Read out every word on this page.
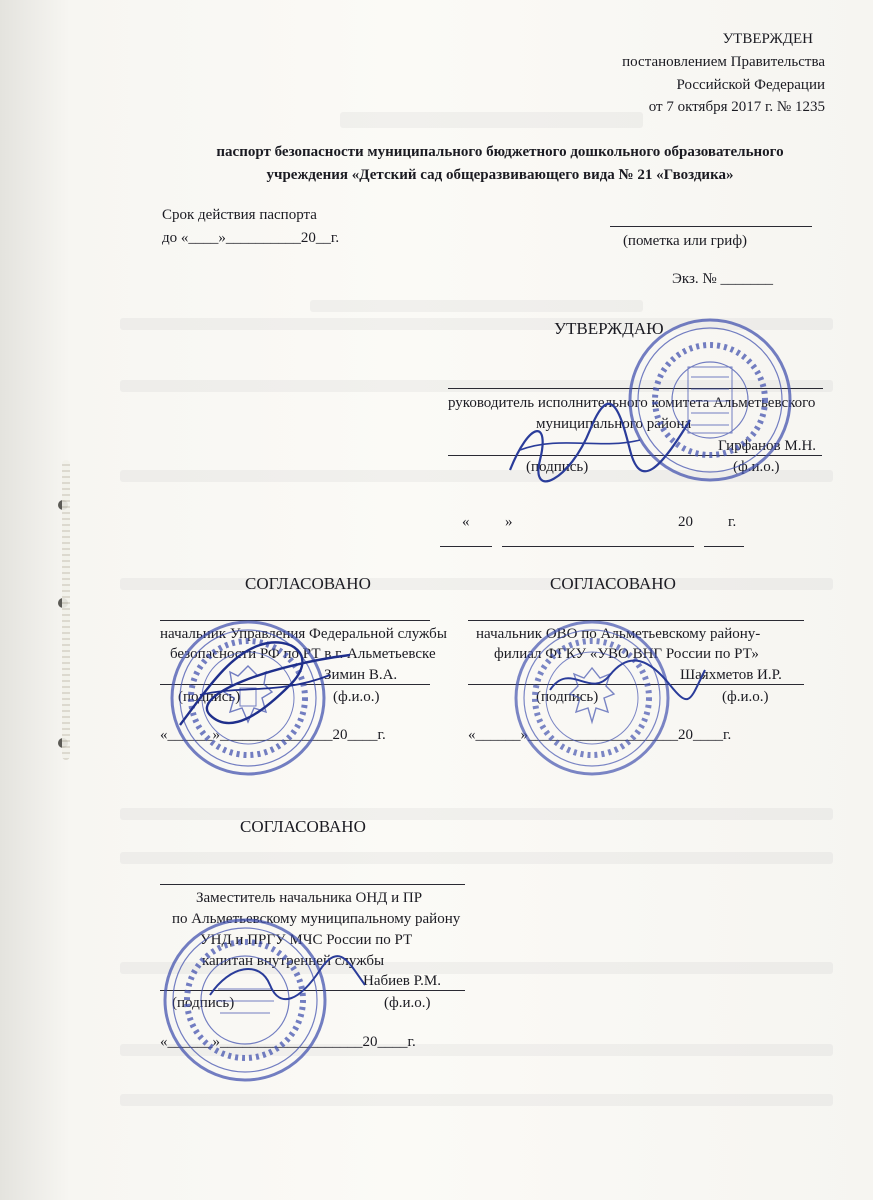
УТВЕРЖДЕН
постановлением Правительства
Российской Федерации
от 7 октября 2017 г. № 1235
паспорт безопасности муниципального бюджетного дошкольного образовательного
учреждения «Детский сад общеразвивающего вида № 21 «Гвоздика»
Срок действия паспорта
до «____»__________20__г.	(пометка или гриф)
Экз. № _______
УТВЕРЖДАЮ
руководитель исполнительного комитета Альметьевского
муниципального района
Гирфанов М.Н.
(подпись)	(ф.и.о.)
« »	20 г.
СОГЛАСОВАНО
начальник Управления Федеральной службы
безопасности РФ по РТ в г. Альметьевске
Зимин В.А.
(подпись)	(ф.и.о.)
«______»_______________20____г.
СОГЛАСОВАНО
начальник ОВО по Альметьевскому району-
филиал ФГКУ «УВО ВНГ России по РТ»
Шаяхметов И.Р.
(подпись)	(ф.и.о.)
«______»____________________20____г.
СОГЛАСОВАНО
Заместитель начальника ОНД и ПР
по Альметьевскому муниципальному району
УНД и ПРГУ МЧС России по РТ
капитан внутренней службы
Набиев Р.М.
(подпись)	(ф.и.о.)
«______»___________________20____г.
